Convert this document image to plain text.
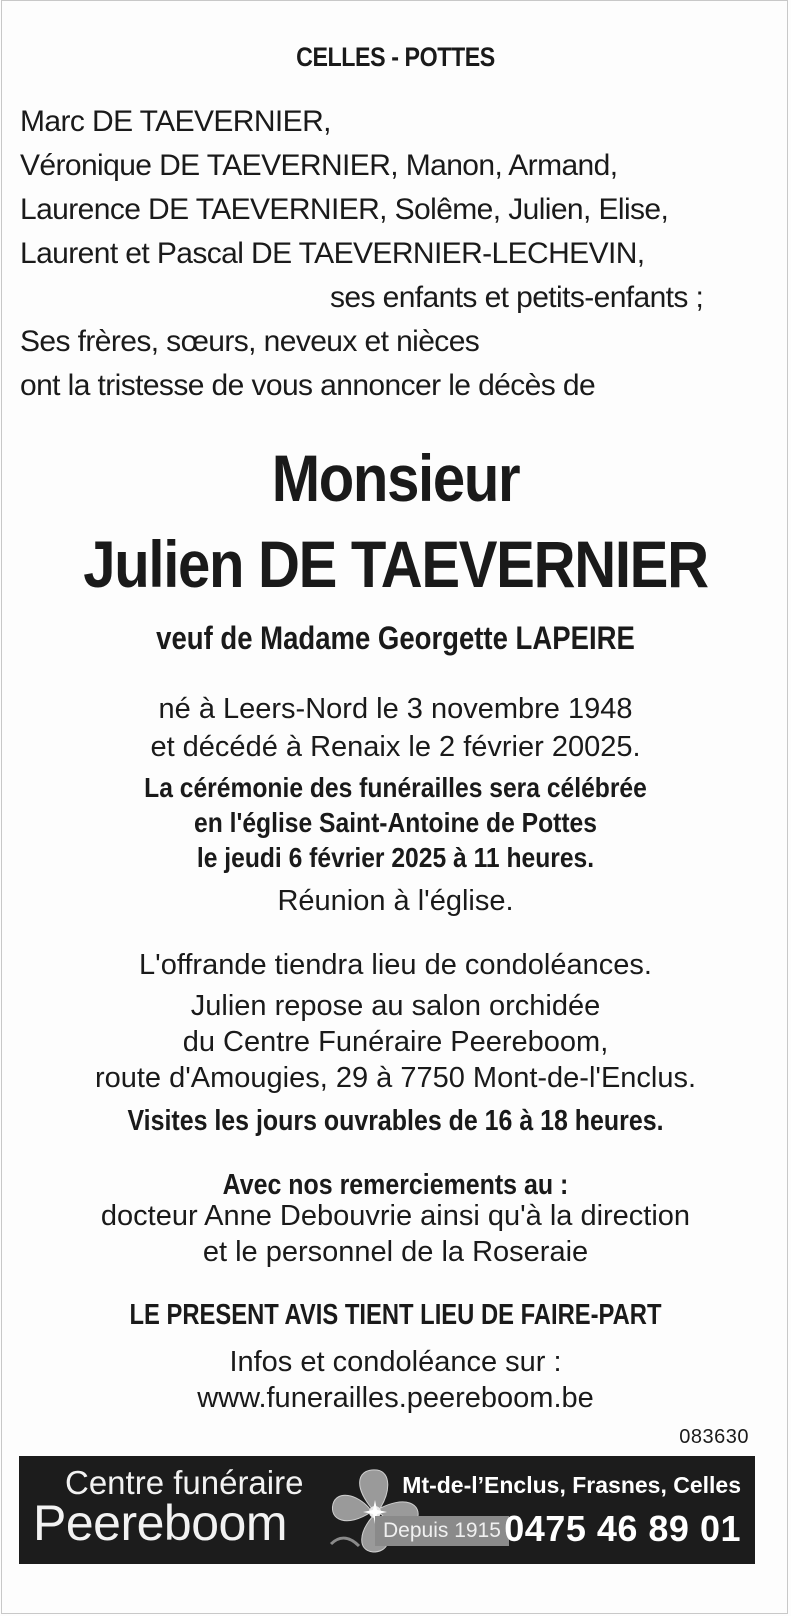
CELLES - POTTES
Marc DE TAEVERNIER,
Véronique DE TAEVERNIER, Manon, Armand,
Laurence DE TAEVERNIER, Solême, Julien, Elise,
Laurent et Pascal DE TAEVERNIER-LECHEVIN,
ses enfants et petits-enfants ;
Ses frères, sœurs, neveux et nièces
ont la tristesse de vous annoncer le décès de
Monsieur
Julien DE TAEVERNIER
veuf de Madame Georgette LAPEIRE
né à Leers-Nord le 3 novembre 1948
et décédé à Renaix le 2 février 20025.
La cérémonie des funérailles sera célébrée
en l'église Saint-Antoine de Pottes
le jeudi 6 février 2025 à 11 heures.
Réunion à l'église.
L'offrande tiendra lieu de condoléances.
Julien repose au salon orchidée
du Centre Funéraire Peereboom,
route d'Amougies, 29 à 7750 Mont-de-l'Enclus.
Visites les jours ouvrables de 16 à 18 heures.
Avec nos remerciements au :
docteur Anne Debouvrie ainsi qu'à la direction
et le personnel de la Roseraie
LE PRESENT AVIS TIENT LIEU DE FAIRE-PART
Infos et condoléance sur :
www.funerailles.peereboom.be
083630
Centre funéraire
Peereboom	Depuis 1915
Mt-de-l’Enclus, Frasnes, Celles
0475 46 89 01
